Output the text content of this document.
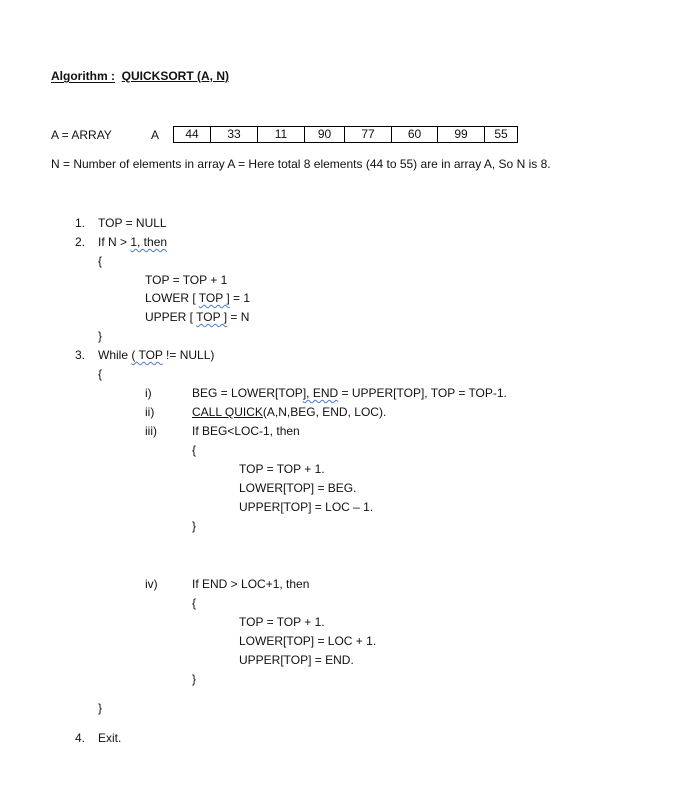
Algorithm : QUICKSORT (A, N)
A = ARRAY	A	44	33	11	90	77	60	99	55
N = Number of elements in array A = Here total 8 elements (44 to 55) are in array A, So N is 8.
1. TOP = NULL
2. If N > 1, then
{
TOP = TOP + 1
LOWER [ TOP ] = 1
UPPER [ TOP ] = N
}
3. While ( TOP != NULL)
{
i)	BEG = LOWER[TOP], END = UPPER[TOP], TOP = TOP-1.
ii)	CALL QUICK(A,N,BEG, END, LOC).
iii)	If BEG<LOC-1, then
{
TOP = TOP + 1.
LOWER[TOP] = BEG.
UPPER[TOP] = LOC – 1.
}
iv)	If END > LOC+1, then
{
TOP = TOP + 1.
LOWER[TOP] = LOC + 1.
UPPER[TOP] = END.
}
}
4. Exit.
